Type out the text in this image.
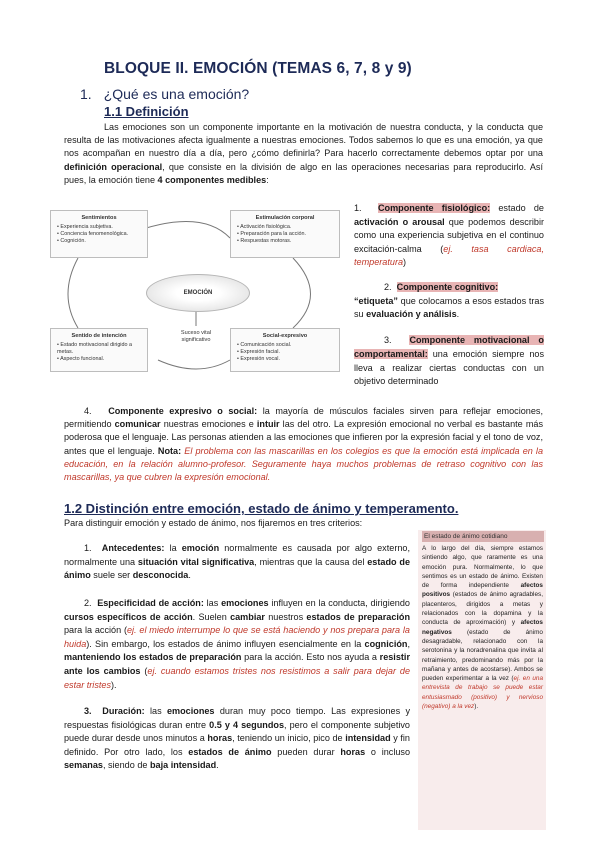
BLOQUE II. EMOCIÓN (TEMAS 6, 7, 8 y 9)
1. ¿Qué es una emoción?
1.1 Definición
Las emociones son un componente importante en la motivación de nuestra conducta, y la conducta que resulta de las motivaciones afecta igualmente a nuestras emociones. Todos sabemos lo que es una emoción, ya que nos acompañan en nuestro día a día, pero ¿cómo definirla? Para hacerlo correctamente debemos optar por una definición operacional, que consiste en la división de algo en las operaciones necesarias para reproducirlo. Así pues, la emoción tiene 4 componentes medibles:
Sentimientos
• Experiencia subjetiva.
• Conciencia fenomenológica.
• Cognición.
Estimulación corporal
• Activación fisiológica.
• Preparación para la acción.
• Respuestas motoras.
EMOCIÓN
Sentido de intención
• Estado motivacional dirigido a metas.
• Aspecto funcional.
Suceso vital significativo
Social-expresivo
• Comunicación social.
• Expresión facial.
• Expresión vocal.
1. Componente fisiológico: estado de activación o arousal que podemos describir como una experiencia subjetiva en el continuo excitación-calma (ej. tasa cardiaca, temperatura)
2. Componente cognitivo:
“etiqueta” que colocamos a esos estados tras su evaluación y análisis.
3. Componente motivacional o comportamental: una emoción siempre nos lleva a realizar ciertas conductas con un objetivo determinado
4. Componente expresivo o social: la mayoría de músculos faciales sirven para reflejar emociones, permitiendo comunicar nuestras emociones e intuir las del otro. La expresión emocional no verbal es bastante más poderosa que el lenguaje. Las personas atienden a las emociones que infieren por la expresión facial y el tono de voz, antes que el lenguaje. Nota: El problema con las mascarillas en los colegios es que la emoción está implicada en la educación, en la relación alumno-profesor. Seguramente haya muchos problemas de retraso cognitivo con las mascarillas, ya que cubren la expresión emocional.
1.2 Distinción entre emoción, estado de ánimo y temperamento.
Para distinguir emoción y estado de ánimo, nos fijaremos en tres criterios:
1. Antecedentes: la emoción normalmente es causada por algo externo, normalmente una situación vital significativa, mientras que la causa del estado de ánimo suele ser desconocida.
2. Especificidad de acción: las emociones influyen en la conducta, dirigiendo cursos específicos de acción. Suelen cambiar nuestros estados de preparación para la acción (ej. el miedo interrumpe lo que se está haciendo y nos prepara para la huida). Sin embargo, los estados de ánimo influyen esencialmente en la cognición, manteniendo los estados de preparación para la acción. Esto nos ayuda a resistir ante los cambios (ej. cuando estamos tristes nos resistimos a salir para dejar de estar tristes).
3. Duración: las emociones duran muy poco tiempo. Las expresiones y respuestas fisiológicas duran entre 0.5 y 4 segundos, pero el componente subjetivo puede durar desde unos minutos a horas, teniendo un inicio, pico de intensidad y fin definido. Por otro lado, los estados de ánimo pueden durar horas o incluso semanas, siendo de baja intensidad.
El estado de ánimo cotidiano
A lo largo del día, siempre estamos sintiendo algo, que raramente es una emoción pura. Normalmente, lo que sentimos es un estado de ánimo. Existen de forma independiente afectos positivos (estados de ánimo agradables, placenteros, dirigidos a metas y relacionados con la dopamina y la conducta de aproximación) y afectos negativos (estado de ánimo desagradable, relacionado con la serotonina y la noradrenalina que invita al retraimiento, predominando más por la mañana y antes de acostarse). Ambos se pueden experimentar a la vez (ej. en una entrevista de trabajo se puede estar entusiasmado (positivo) y nervioso (negativo) a la vez).
